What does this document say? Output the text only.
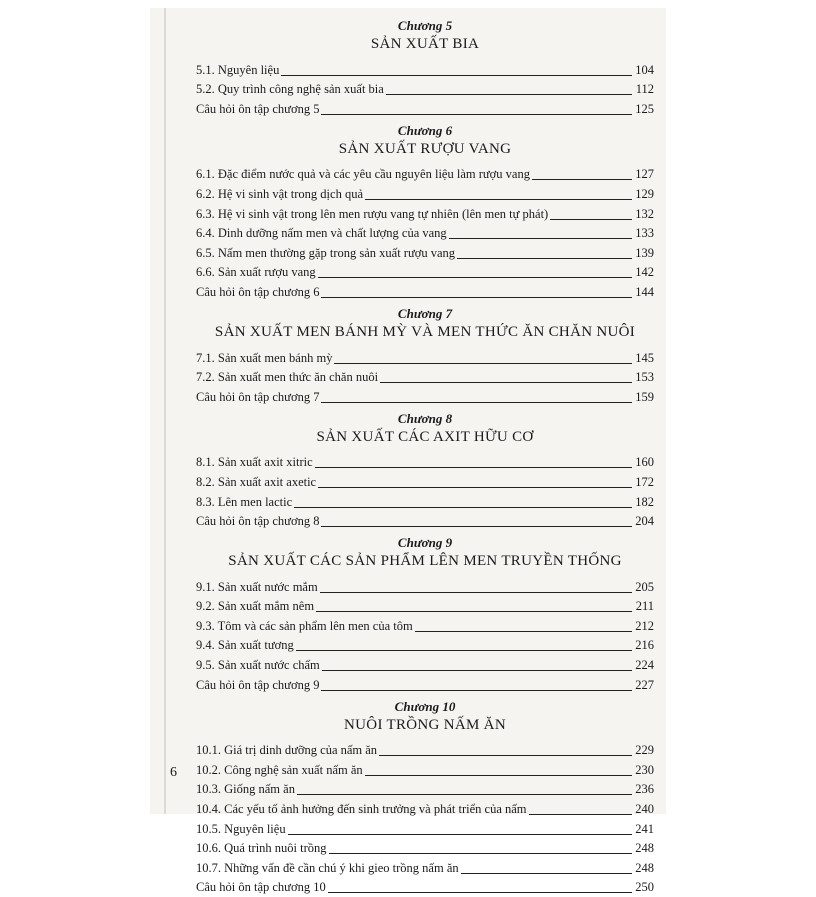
Chương 5
SẢN XUẤT BIA
5.1. Nguyên liệu	104
5.2. Quy trình công nghệ sản xuất bia	112
Câu hỏi ôn tập chương 5	125
Chương 6
SẢN XUẤT RƯỢU VANG
6.1. Đặc điểm nước quả và các yêu cầu nguyên liệu làm rượu vang	127
6.2. Hệ vi sinh vật trong dịch quả	129
6.3. Hệ vi sinh vật trong lên men rượu vang tự nhiên (lên men tự phát)	132
6.4. Dinh dưỡng nấm men và chất lượng của vang	133
6.5. Nấm men thường gặp trong sản xuất rượu vang	139
6.6. Sản xuất rượu vang	142
Câu hỏi ôn tập chương 6	144
Chương 7
SẢN XUẤT MEN BÁNH MỲ VÀ MEN THỨC ĂN CHĂN NUÔI
7.1. Sản xuất men bánh mỳ	145
7.2. Sản xuất men thức ăn chăn nuôi	153
Câu hỏi ôn tập chương 7	159
Chương 8
SẢN XUẤT CÁC AXIT HỮU CƠ
8.1. Sản xuất axit xitric	160
8.2. Sản xuất axit axetic	172
8.3. Lên men lactic	182
Câu hỏi ôn tập chương 8	204
Chương 9
SẢN XUẤT CÁC SẢN PHẨM LÊN MEN TRUYỀN THỐNG
9.1. Sản xuất nước mắm	205
9.2. Sản xuất mắm nêm	211
9.3. Tôm và các sản phẩm lên men của tôm	212
9.4. Sản xuất tương	216
9.5. Sản xuất nước chấm	224
Câu hỏi ôn tập chương 9	227
Chương 10
NUÔI TRỒNG NẤM ĂN
10.1. Giá trị dinh dưỡng của nấm ăn	229
10.2. Công nghệ sản xuất nấm ăn	230
10.3. Giống nấm ăn	236
10.4. Các yếu tố ảnh hưởng đến sinh trưởng và phát triển của nấm	240
10.5. Nguyên liệu	241
10.6. Quá trình nuôi trồng	248
10.7. Những vấn đề cần chú ý khi gieo trồng nấm ăn	248
Câu hỏi ôn tập chương 10	250
6
